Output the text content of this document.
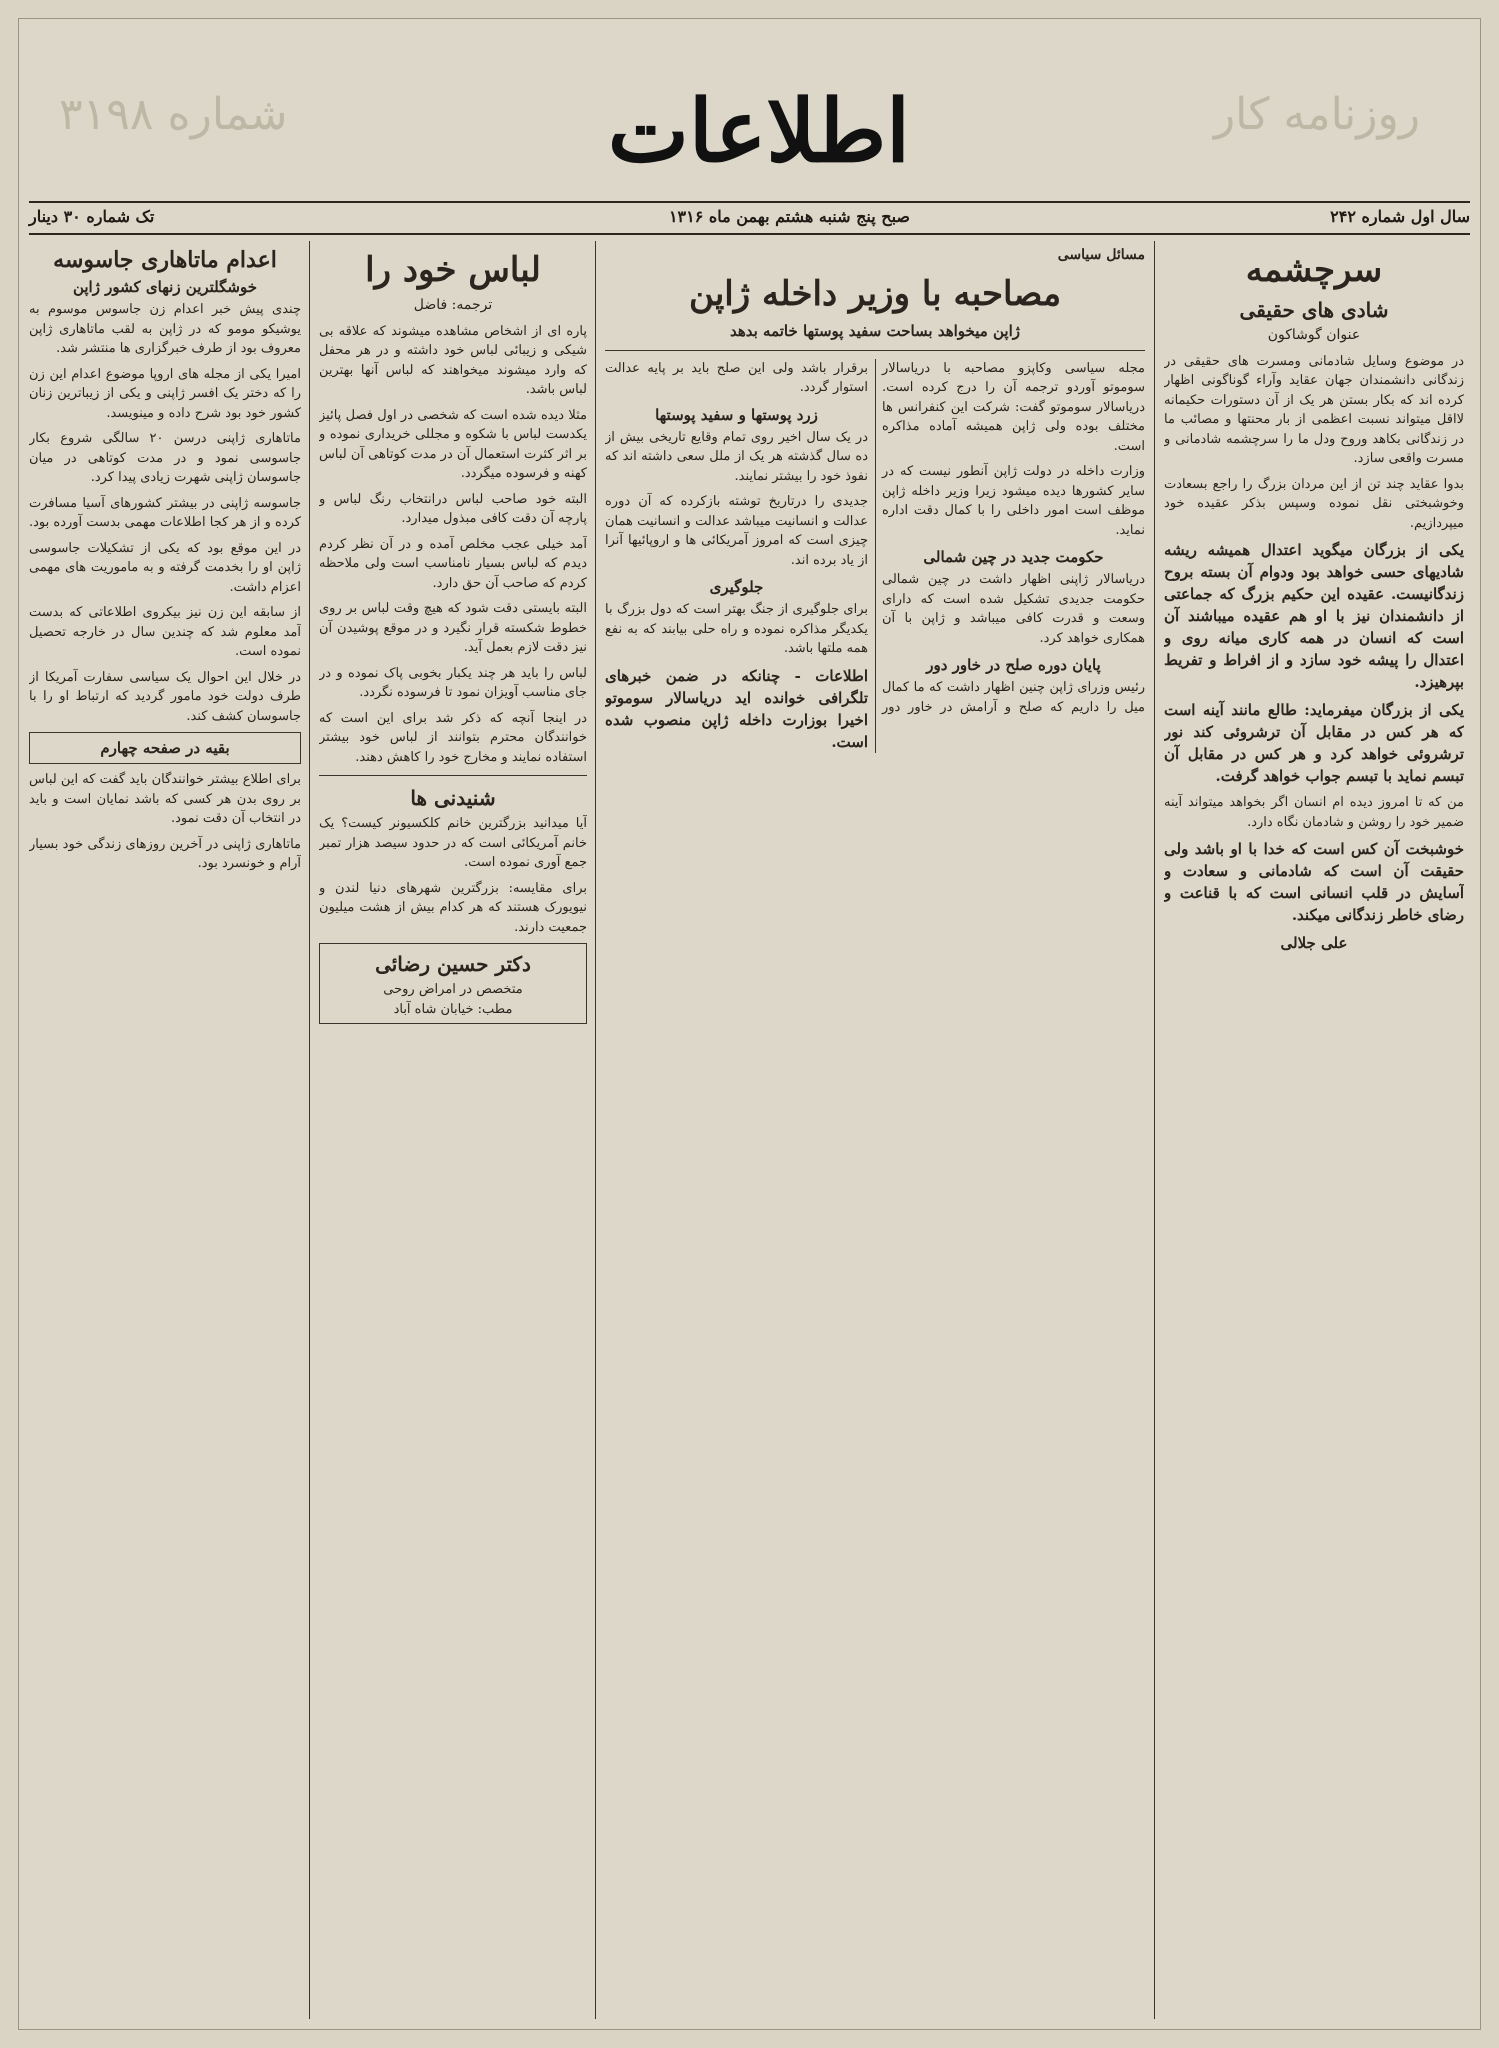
شماره ۳۱۹۸	روزنامه کار
اطلاعات
سال اول شماره ۲۴۲
صبح پنج شنبه هشتم بهمن ماه ۱۳۱۶
تک شماره ۳۰ دینار
سرچشمه
شادی های حقیقی
عنوان گوشاکون

در موضوع وسایل شادمانی ومسرت های حقیقی در زندگانی دانشمندان جهان عقاید وآراء گوناگونی اظهار کرده اند که بکار بستن هر یک از آن دستورات حکیمانه لااقل میتواند نسبت اعظمی از بار محنتها و مصائب ما در زندگانی بکاهد وروح ودل ما را سرچشمه شادمانی و مسرت واقعی سازد.

بدوا عقاید چند تن از این مردان بزرگ را راجع بسعادت وخوشبختی نقل نموده وسپس بذکر عقیده خود میپردازیم.

یکی از بزرگان میگوید اعتدال همیشه ریشه شادیهای حسی خواهد بود ودوام آن بسته بروح زندگانیست. عقیده این حکیم بزرگ که جماعتی از دانشمندان نیز با او هم عقیده میباشند آن است که انسان در همه کاری میانه روی و اعتدال را پیشه خود سازد و از افراط و تفریط بپرهیزد.

یکی از بزرگان میفرماید: طالع مانند آینه است که هر کس در مقابل آن ترشروئی کند نور ترشروئی خواهد کرد و هر کس در مقابل آن تبسم نماید با تبسم جواب خواهد گرفت.

من که تا امروز دیده ام انسان اگر بخواهد میتواند آینه ضمیر خود را روشن و شادمان نگاه دارد.

خوشبخت آن کس است که خدا با او باشد ولی حقیقت آن است که شادمانی و سعادت و آسایش در قلب انسانی است که با قناعت و رضای خاطر زندگانی میکند.

علی جلالی

مسائل سیاسی
مصاحبه با وزیر داخله ژاپن
ژاپن میخواهد بساحت سفید پوستها خاتمه بدهد

مجله سیاسی وکاپزو مصاحبه با دریاسالار سوموتو آوردو ترجمه آن را درج کرده است. دریاسالار سوموتو گفت: شرکت این کنفرانس ها مختلف بوده ولی ژاپن همیشه آماده مذاکره است.

وزارت داخله در دولت ژاپن آنطور نیست که در سایر کشورها دیده میشود زیرا وزیر داخله ژاپن موظف است امور داخلی را با کمال دقت اداره نماید.

حکومت جدید در چین شمالی

دریاسالار ژاپنی اظهار داشت در چین شمالی حکومت جدیدی تشکیل شده است که دارای وسعت و قدرت کافی میباشد و ژاپن با آن همکاری خواهد کرد.

پایان دوره صلح در خاور دور

رئیس وزرای ژاپن چنین اظهار داشت که ما کمال میل را داریم که صلح و آرامش در خاور دور برقرار باشد ولی این صلح باید بر پایه عدالت استوار گردد.

زرد پوستها و سفید پوستها

در یک سال اخیر روی تمام وقایع تاریخی بیش از ده سال گذشته هر یک از ملل سعی داشته اند که نفوذ خود را بیشتر نمایند.

جدیدی را درتاریخ توشته بازکرده که آن دوره عدالت و انسانیت میباشد عدالت و انسانیت همان چیزی است که امروز آمریکائی ها و اروپائیها آنرا از یاد برده اند.

جلوگیری

برای جلوگیری از جنگ بهتر است که دول بزرگ با یکدیگر مذاکره نموده و راه حلی بیابند که به نفع همه ملتها باشد.

اطلاعات - چنانکه در ضمن خبرهای تلگرافی خوانده اید دریاسالار سوموتو اخیرا بوزارت داخله ژاپن منصوب شده است.

لباس خود را
ترجمه: فاضل

پاره ای از اشخاص مشاهده میشوند که علاقه بی شیکی و زیبائی لباس خود داشته و در هر محفل که وارد میشوند میخواهند که لباس آنها بهترین لباس باشد.

مثلا دیده شده است که شخصی در اول فصل پائیز یکدست لباس با شکوه و مجللی خریداری نموده و بر اثر کثرت استعمال آن در مدت کوتاهی آن لباس کهنه و فرسوده میگردد.

البته خود صاحب لباس درانتخاب رنگ لباس و پارچه آن دقت کافی مبذول میدارد.

آمد خیلی عجب مخلص آمده و در آن نظر کردم دیدم که لباس بسیار نامناسب است ولی ملاحظه کردم که صاحب آن حق دارد.

البته بایستی دقت شود که هیچ وقت لباس بر روی خطوط شکسته قرار نگیرد و در موقع پوشیدن آن نیز دقت لازم بعمل آید.

لباس را باید هر چند یکبار بخوبی پاک نموده و در جای مناسب آویزان نمود تا فرسوده نگردد.

در اینجا آنچه که ذکر شد برای این است که خوانندگان محترم بتوانند از لباس خود بیشتر استفاده نمایند و مخارج خود را کاهش دهند.

شنیدنی ها

آیا میدانید بزرگترین خانم کلکسیونر کیست؟ یک خانم آمریکائی است که در حدود سیصد هزار تمبر جمع آوری نموده است.

برای مقایسه: بزرگترین شهرهای دنیا لندن و نیویورک هستند که هر کدام بیش از هشت میلیون جمعیت دارند.

دکتر حسین رضائی
متخصص در امراض روحی
مطب: خیابان شاه آباد
اعدام ماتاهاری جاسوسه
خوشگلترین زنهای کشور ژاپن

چندی پیش خبر اعدام زن جاسوس موسوم به یوشیکو مومو که در ژاپن به لقب ماتاهاری ژاپن معروف بود از طرف خبرگزاری ها منتشر شد.

امیرا یکی از مجله های اروپا موضوع اعدام این زن را که دختر یک افسر ژاپنی و یکی از زیباترین زنان کشور خود بود شرح داده و مینویسد.

ماتاهاری ژاپنی درسن ۲۰ سالگی شروع بکار جاسوسی نمود و در مدت کوتاهی در میان جاسوسان ژاپنی شهرت زیادی پیدا کرد.

جاسوسه ژاپنی در بیشتر کشورهای آسیا مسافرت کرده و از هر کجا اطلاعات مهمی بدست آورده بود.

در این موقع بود که یکی از تشکیلات جاسوسی ژاپن او را بخدمت گرفته و به ماموریت های مهمی اعزام داشت.

از سابقه این زن نیز بیکروی اطلاعاتی که بدست آمد معلوم شد که چندین سال در خارجه تحصیل نموده است.

در خلال این احوال یک سیاسی سفارت آمریکا از طرف دولت خود مامور گردید که ارتباط او را با جاسوسان کشف کند.

بقیه در صفحه چهارم

برای اطلاع بیشتر خوانندگان باید گفت که این لباس بر روی بدن هر کسی که باشد نمایان است و باید در انتخاب آن دقت نمود.

ماتاهاری ژاپنی در آخرین روزهای زندگی خود بسیار آرام و خونسرد بود.
